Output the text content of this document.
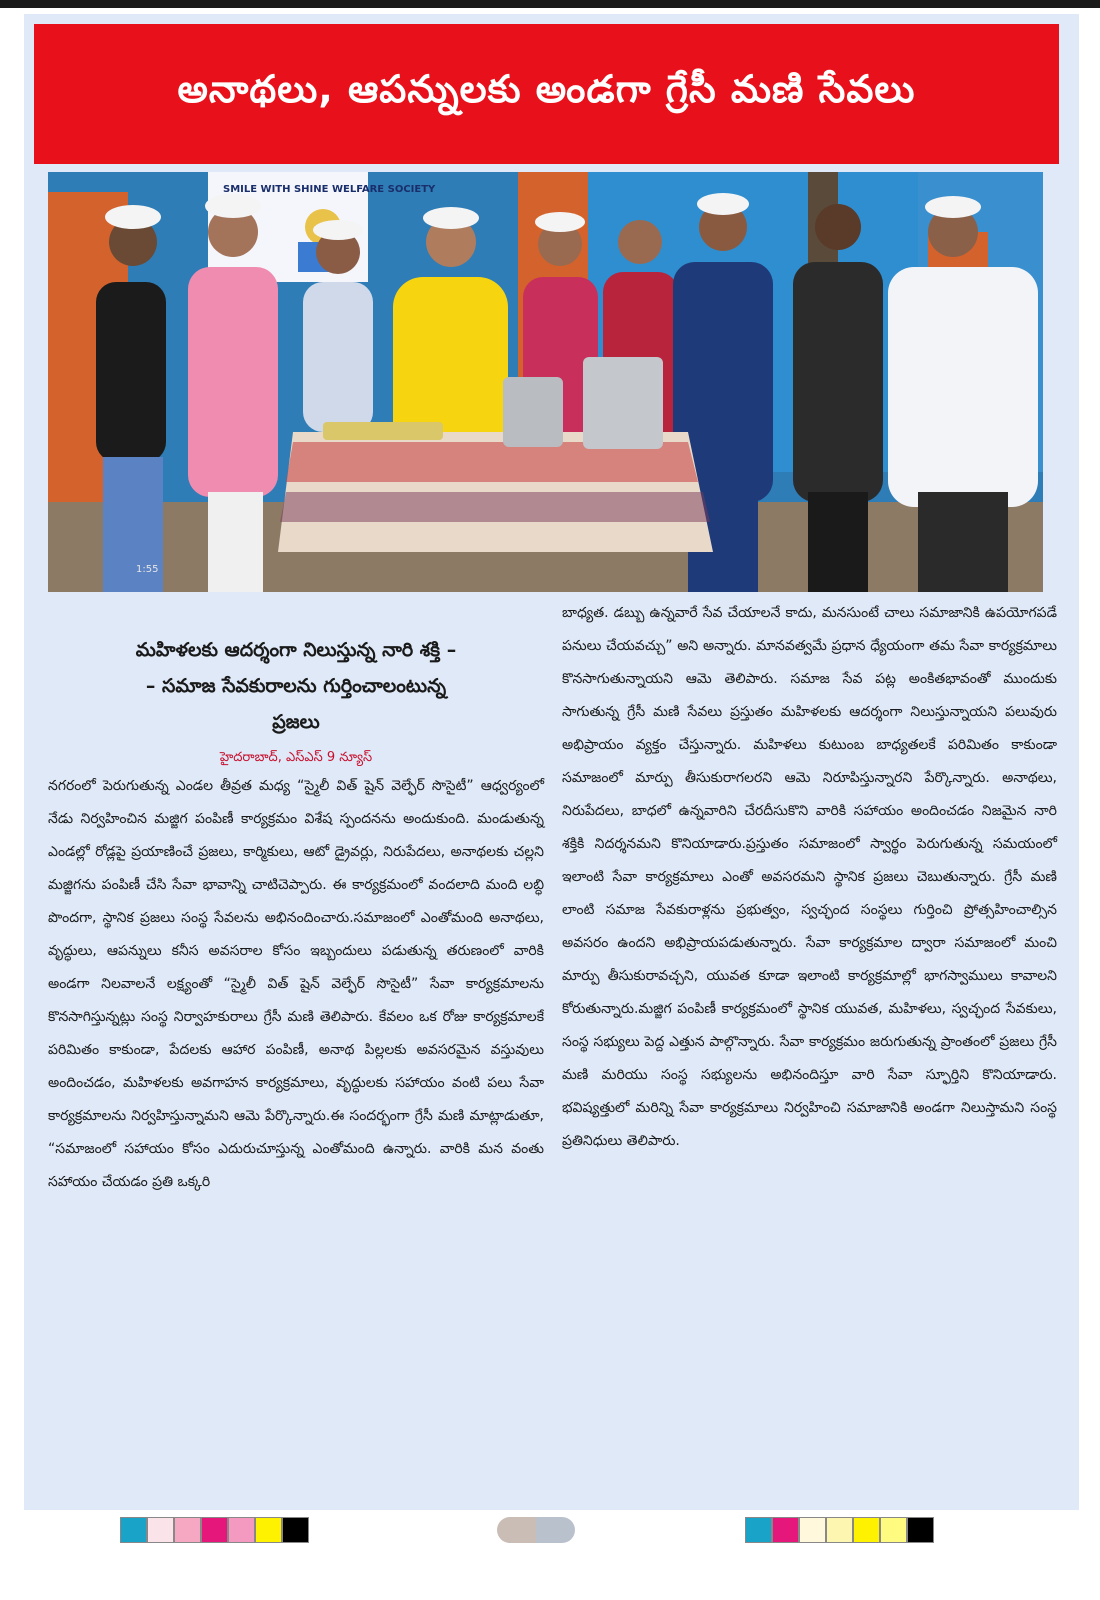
అనాథలు, ఆపన్నులకు అండగా గ్రేసీ మణి సేవలు
SMILE WITH SHINE WELFARE SOCIETY
1:55
మహిళలకు ఆదర్శంగా నిలుస్తున్న నారి శక్తి –
– సమాజ సేవకురాలను గుర్తించాలంటున్న
ప్రజలు
హైదరాబాద్, ఎస్ఎస్ 9 న్యూస్

నగరంలో పెరుగుతున్న ఎండల తీవ్రత మధ్య “స్మైలీ విత్ షైన్ వెల్ఫేర్ సొసైటీ” ఆధ్వర్యంలో నేడు నిర్వహించిన మజ్జిగ పంపిణీ కార్యక్రమం విశేష స్పందనను అందుకుంది. మండుతున్న ఎండల్లో రోడ్లపై ప్రయాణించే ప్రజలు, కార్మికులు, ఆటో డ్రైవర్లు, నిరుపేదలు, అనాథలకు చల్లని మజ్జిగను పంపిణీ చేసి సేవా భావాన్ని చాటిచెప్పారు. ఈ కార్యక్రమంలో వందలాది మంది లబ్ధి పొందగా, స్థానిక ప్రజలు సంస్థ సేవలను అభినందించారు.సమాజంలో ఎంతోమంది అనాథలు, వృద్ధులు, ఆపన్నులు కనీస అవసరాల కోసం ఇబ్బందులు పడుతున్న తరుణంలో వారికి అండగా నిలవాలనే లక్ష్యంతో “స్మైలీ విత్ షైన్ వెల్ఫేర్ సొసైటీ” సేవా కార్యక్రమాలను కొనసాగిస్తున్నట్లు సంస్థ నిర్వాహకురాలు గ్రేసీ మణి తెలిపారు. కేవలం ఒక రోజు కార్యక్రమాలకే పరిమితం కాకుండా, పేదలకు ఆహార పంపిణీ, అనాథ పిల్లలకు అవసరమైన వస్తువులు అందించడం, మహిళలకు అవగాహన కార్యక్రమాలు, వృద్ధులకు సహాయం వంటి పలు సేవా కార్యక్రమాలను నిర్వహిస్తున్నామని ఆమె పేర్కొన్నారు.ఈ సందర్భంగా గ్రేసీ మణి మాట్లాడుతూ, “సమాజంలో సహాయం కోసం ఎదురుచూస్తున్న ఎంతోమంది ఉన్నారు. వారికి మన వంతు సహాయం చేయడం ప్రతి ఒక్కరి

బాధ్యత. డబ్బు ఉన్నవారే సేవ చేయాలనే కాదు, మనసుంటే చాలు సమాజానికి ఉపయోగపడే పనులు చేయవచ్చు” అని అన్నారు. మానవత్వమే ప్రధాన ధ్యేయంగా తమ సేవా కార్యక్రమాలు కొనసాగుతున్నాయని ఆమె తెలిపారు. సమాజ సేవ పట్ల అంకితభావంతో ముందుకు సాగుతున్న గ్రేసీ మణి సేవలు ప్రస్తుతం మహిళలకు ఆదర్శంగా నిలుస్తున్నాయని పలువురు అభిప్రాయం వ్యక్తం చేస్తున్నారు. మహిళలు కుటుంబ బాధ్యతలకే పరిమితం కాకుండా సమాజంలో మార్పు తీసుకురాగలరని ఆమె నిరూపిస్తున్నారని పేర్కొన్నారు. అనాథలు, నిరుపేదలు, బాధలో ఉన్నవారిని చేరదీసుకొని వారికి సహాయం అందించడం నిజమైన నారి శక్తికి నిదర్శనమని కొనియాడారు.ప్రస్తుతం సమాజంలో స్వార్థం పెరుగుతున్న సమయంలో ఇలాంటి సేవా కార్యక్రమాలు ఎంతో అవసరమని స్థానిక ప్రజలు చెబుతున్నారు. గ్రేసీ మణి లాంటి సమాజ సేవకురాళ్లను ప్రభుత్వం, స్వచ్ఛంద సంస్థలు గుర్తించి ప్రోత్సహించాల్సిన అవసరం ఉందని అభిప్రాయపడుతున్నారు. సేవా కార్యక్రమాల ద్వారా సమాజంలో మంచి మార్పు తీసుకురావచ్చని, యువత కూడా ఇలాంటి కార్యక్రమాల్లో భాగస్వాములు కావాలని కోరుతున్నారు.మజ్జిగ పంపిణీ కార్యక్రమంలో స్థానిక యువత, మహిళలు, స్వచ్ఛంద సేవకులు, సంస్థ సభ్యులు పెద్ద ఎత్తున పాల్గొన్నారు. సేవా కార్యక్రమం జరుగుతున్న ప్రాంతంలో ప్రజలు గ్రేసీ మణి మరియు సంస్థ సభ్యులను అభినందిస్తూ వారి సేవా స్ఫూర్తిని కొనియాడారు. భవిష్యత్తులో మరిన్ని సేవా కార్యక్రమాలు నిర్వహించి సమాజానికి అండగా నిలుస్తామని సంస్థ ప్రతినిధులు తెలిపారు.
